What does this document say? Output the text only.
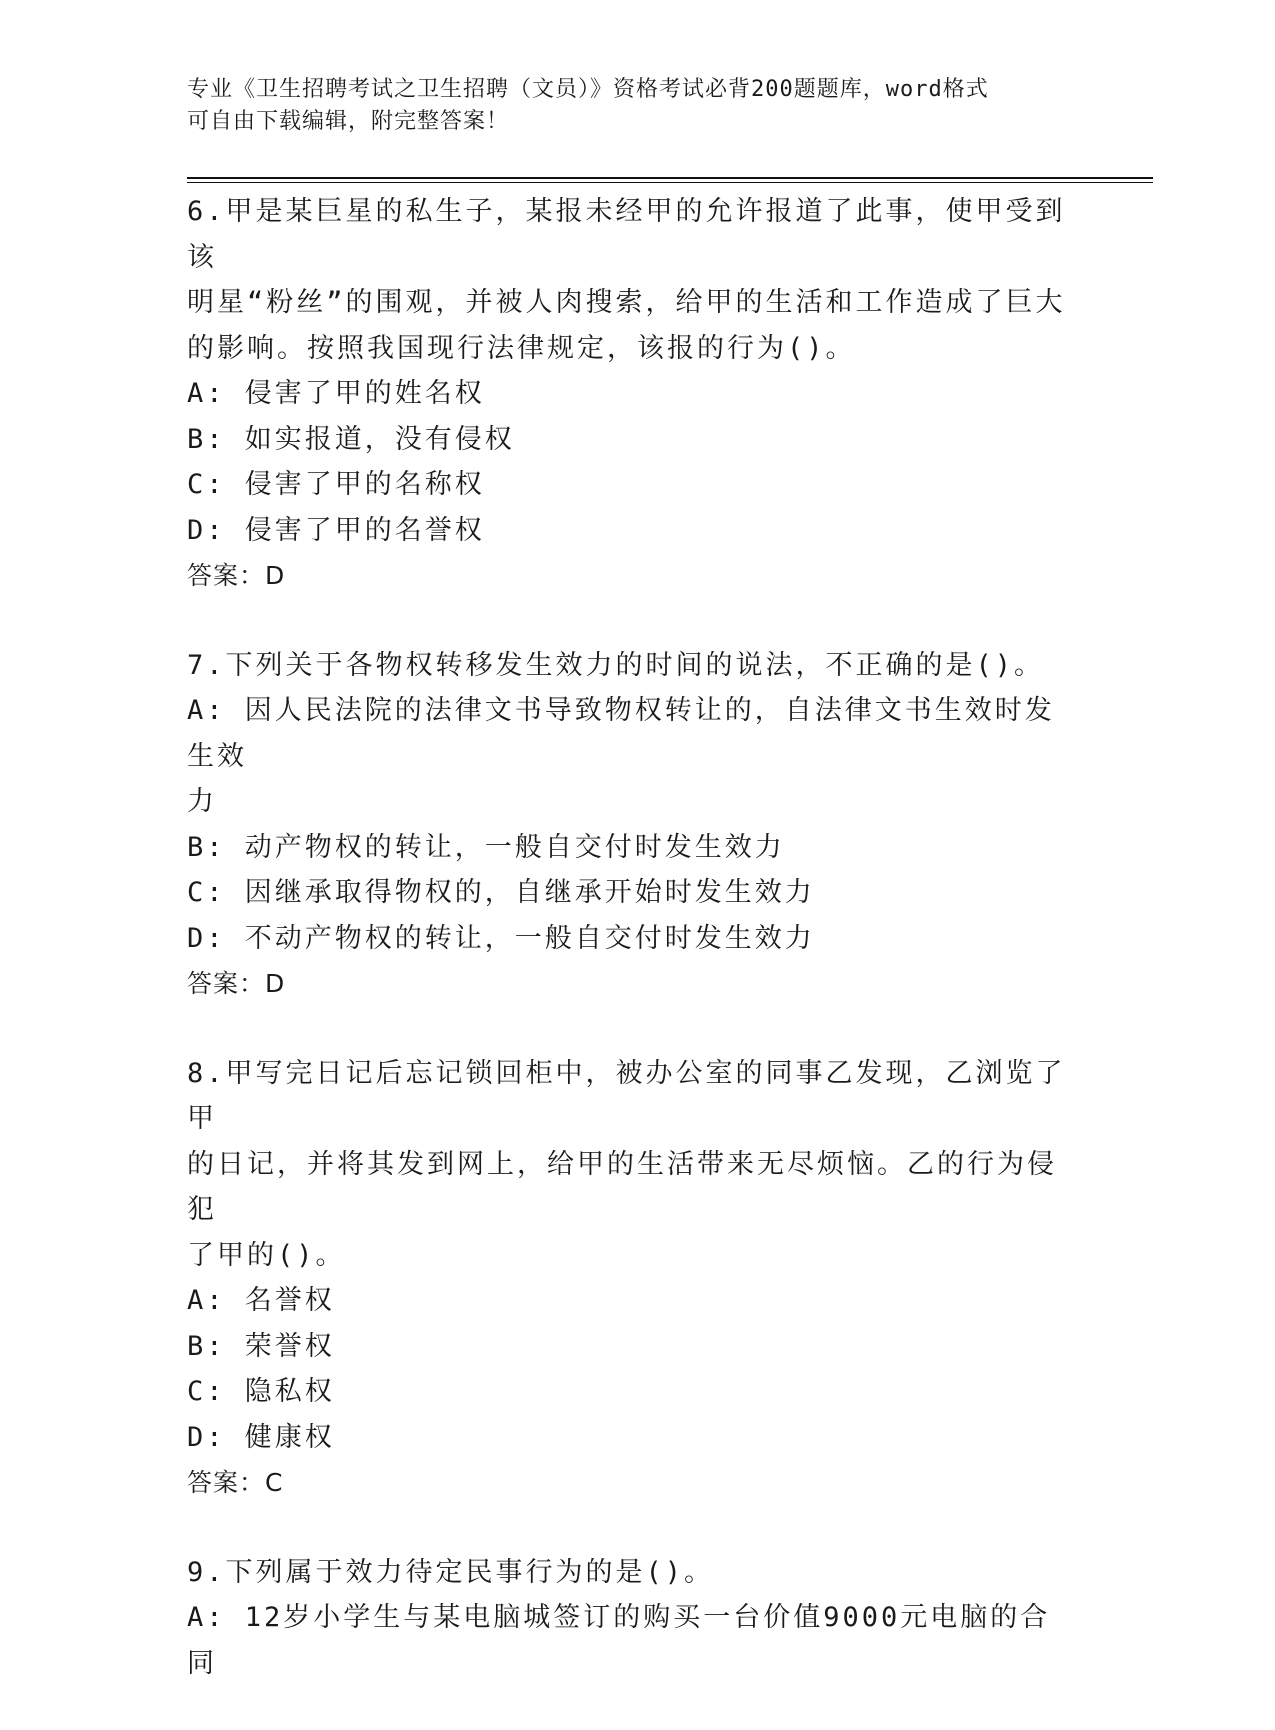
专业《卫生招聘考试之卫生招聘（文员）》资格考试必背200题题库，word格式
可自由下载编辑，附完整答案！
6.甲是某巨星的私生子，某报未经甲的允许报道了此事，使甲受到该
明星“粉丝”的围观，并被人肉搜索，给甲的生活和工作造成了巨大
的影响。按照我国现行法律规定，该报的行为()。
A: 侵害了甲的姓名权
B: 如实报道，没有侵权
C: 侵害了甲的名称权
D: 侵害了甲的名誉权
答案：D
7.下列关于各物权转移发生效力的时间的说法，不正确的是()。
A: 因人民法院的法律文书导致物权转让的，自法律文书生效时发生效
力
B: 动产物权的转让，一般自交付时发生效力
C: 因继承取得物权的，自继承开始时发生效力
D: 不动产物权的转让，一般自交付时发生效力
答案：D
8.甲写完日记后忘记锁回柜中，被办公室的同事乙发现，乙浏览了甲
的日记，并将其发到网上，给甲的生活带来无尽烦恼。乙的行为侵犯
了甲的()。
A: 名誉权
B: 荣誉权
C: 隐私权
D: 健康权
答案：C
9.下列属于效力待定民事行为的是()。
A: 12岁小学生与某电脑城签订的购买一台价值9000元电脑的合同
